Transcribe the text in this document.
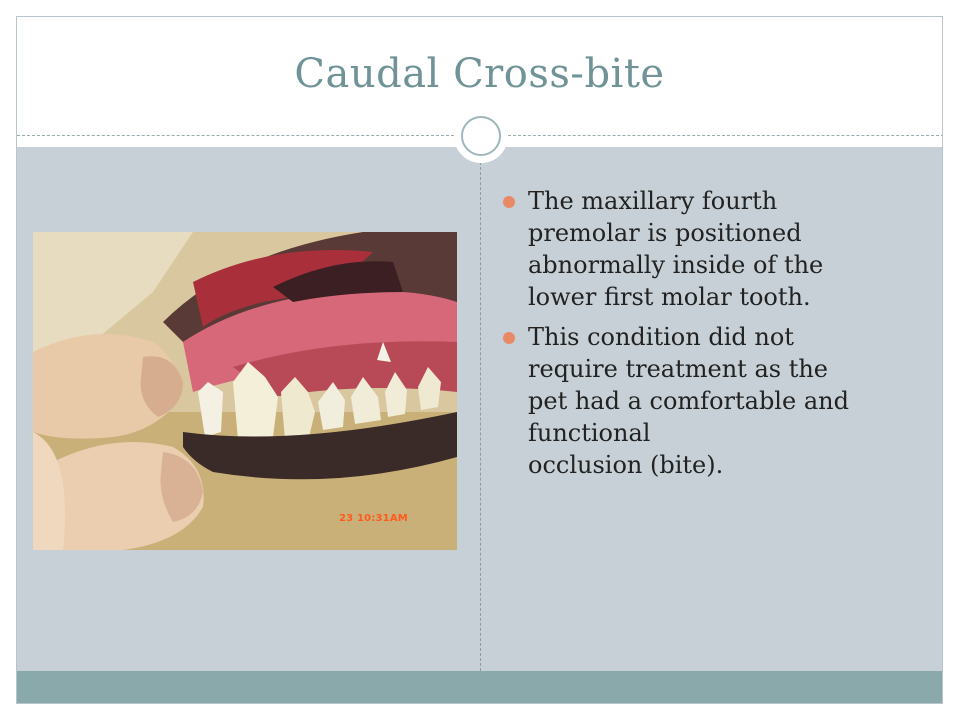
Caudal Cross-bite
23 10:31AM
The maxillary fourth
premolar is positioned
abnormally inside of the
lower first molar tooth.
This condition did not
require treatment as the
pet had a comfortable and
functional
occlusion (bite).
